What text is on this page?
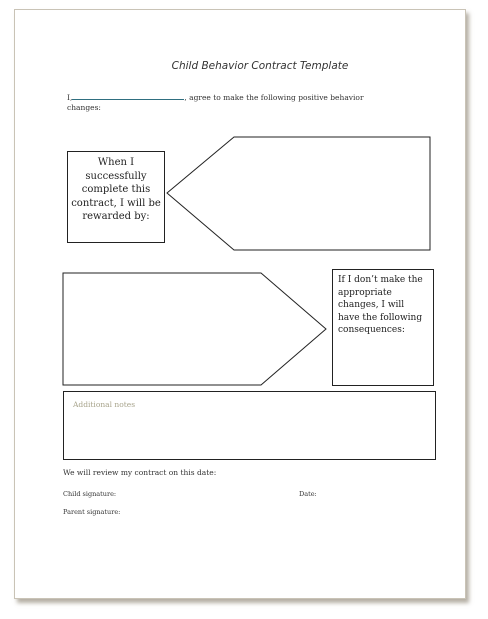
Child Behavior Contract Template
I,	, agree to make the following positive behavior changes:
When I successfully complete this contract, I will be rewarded by:
If I don’t make the appropriate changes, I will have the following consequences:
Additional notes
We will review my contract on this date:
Child signature:	Date:
Parent signature:
